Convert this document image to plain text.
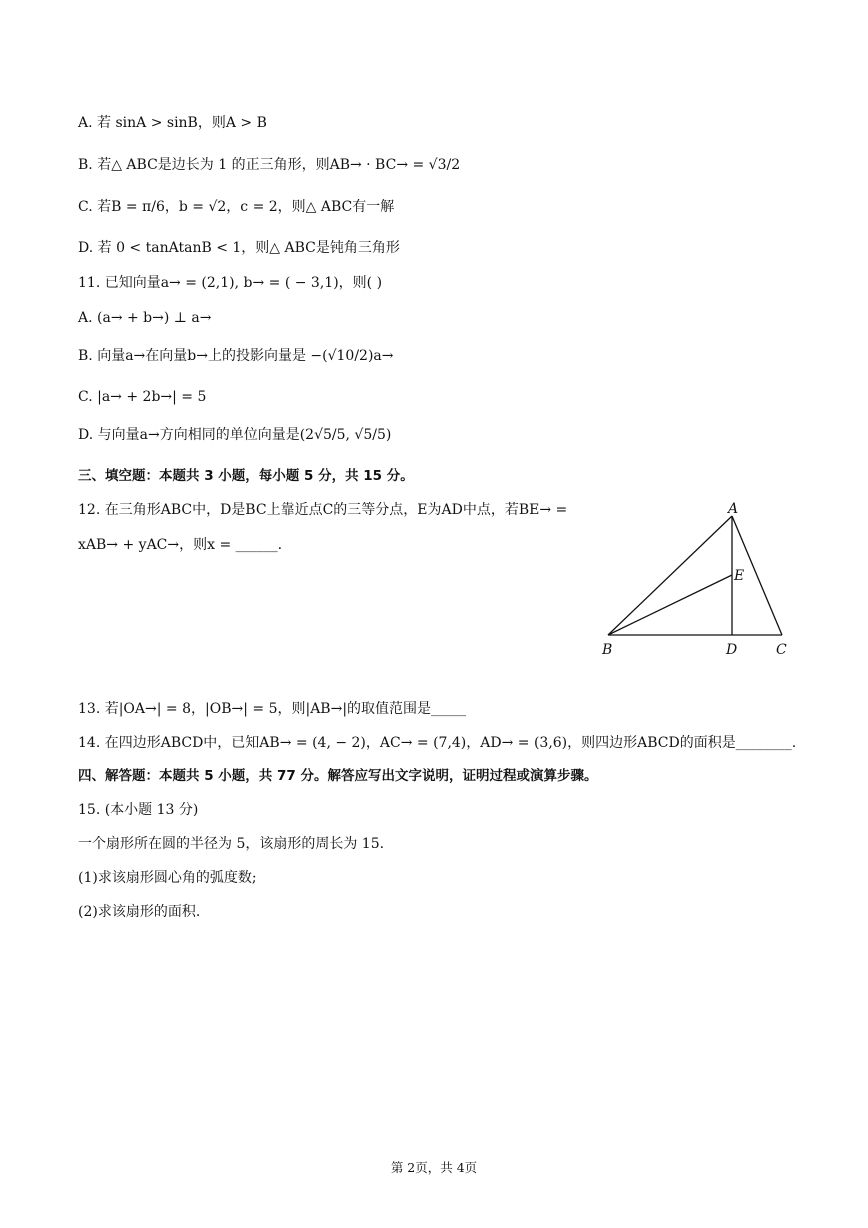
A. 若 sinA > sinB，则A > B
B. 若△ ABC是边长为 1 的正三角形，则AB→ · BC→ = √3/2
C. 若B = π/6，b = √2，c = 2，则△ ABC有一解
D. 若 0 < tanAtanB < 1，则△ ABC是钝角三角形
11. 已知向量a→ = (2,1), b→ = ( − 3,1)，则( )
A. (a→ + b→) ⊥ a→
B. 向量a→在向量b→上的投影向量是 −(√10/2)a→
C. |a→ + 2b→| = 5
D. 与向量a→方向相同的单位向量是(2√5/5, √5/5)
三、填空题：本题共 3 小题，每小题 5 分，共 15 分。
12. 在三角形ABC中，D是BC上靠近点C的三等分点，E为AD中点，若BE→ =
xAB→ + yAC→，则x = ______.
A
E
B	D	C
13. 若|OA→| = 8，|OB→| = 5，则|AB→|的取值范围是_____
14. 在四边形ABCD中，已知AB→ = (4, − 2)，AC→ = (7,4)，AD→ = (3,6)，则四边形ABCD的面积是________.
四、解答题：本题共 5 小题，共 77 分。解答应写出文字说明，证明过程或演算步骤。
15. (本小题 13 分)
一个扇形所在圆的半径为 5，该扇形的周长为 15.
(1)求该扇形圆心角的弧度数;
(2)求该扇形的面积.
第 2页，共 4页
